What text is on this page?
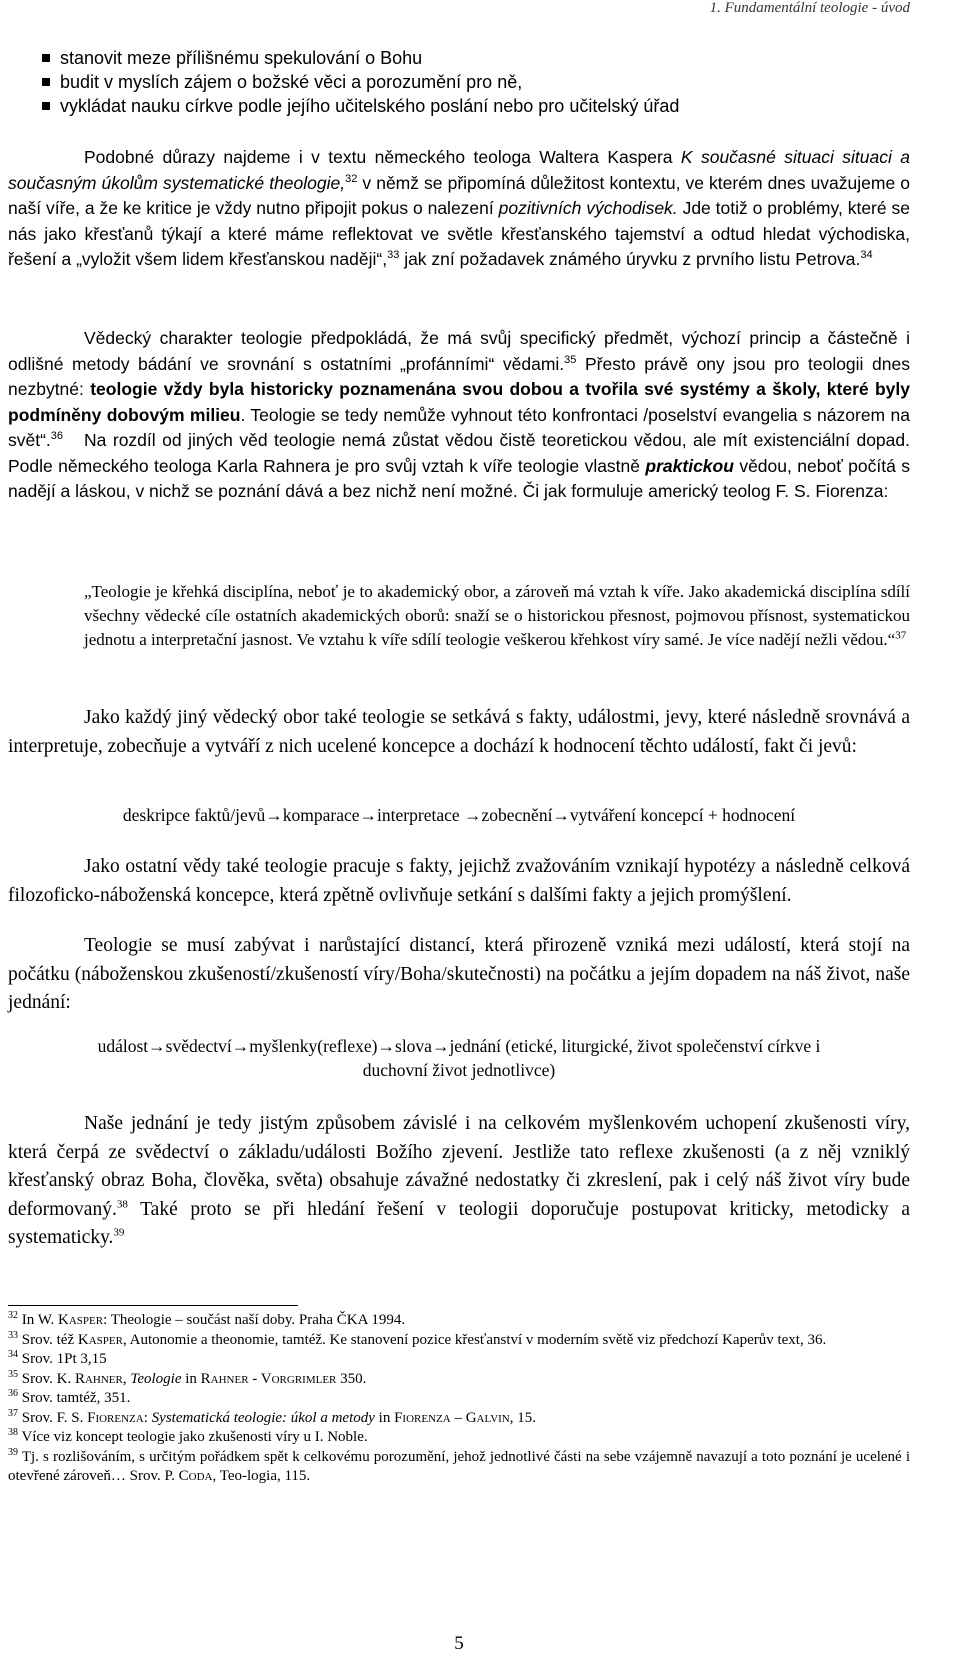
1. Fundamentální teologie - úvod
stanovit meze přílišnému spekulování o Bohu
budit v myslích zájem o božské věci a porozumění pro ně,
vykládat nauku církve podle jejího učitelského poslání nebo pro učitelský úřad

Podobné důrazy najdeme i v textu německého teologa Waltera Kaspera K současné situaci situaci a současným úkolům systematické theologie,$^{32}$ v němž se připomíná důležitost kontextu, ve kterém dnes uvažujeme o naší víře, a že ke kritice je vždy nutno připojit pokus o nalezení pozitivních východisek. Jde totiž o problémy, které se nás jako křesťanů týkají a které máme reflektovat ve světle křesťanského tajemství a odtud hledat východiska, řešení a „vyložit všem lidem křesťanskou naději“,$^{33}$ jak zní požadavek známého úryvku z prvního listu Petrova.$^{34}$

Vědecký charakter teologie předpokládá, že má svůj specifický předmět, výchozí princip a částečně i odlišné metody bádání ve srovnání s ostatními „profánními“ vědami.$^{35}$ Přesto právě ony jsou pro teologii dnes nezbytné: teologie vždy byla historicky poznamenána svou dobou a tvořila své systémy a školy, které byly podmíněny dobovým milieu. Teologie se tedy nemůže vyhnout této konfrontaci /poselství evangelia s názorem na svět“.$^{36}$	Na rozdíl od jiných věd teologie nemá zůstat vědou čistě teoretickou vědou, ale mít existenciální dopad. Podle německého teologa Karla Rahnera je pro svůj vztah k víře teologie vlastně praktickou vědou, neboť počítá s nadějí a láskou, v nichž se poznání dává a bez nichž není možné. Či jak formuluje americký teolog F. S. Fiorenza:

„Teologie je křehká disciplína, neboť je to akademický obor, a zároveň má vztah k víře. Jako akademická disciplína sdílí všechny vědecké cíle ostatních akademických oborů: snaží se o historickou přesnost, pojmovou přísnost, systematickou jednotu a interpretační jasnost. Ve vztahu k víře sdílí teologie veškerou křehkost víry samé. Je více nadějí nežli vědou.“$^{37}$

Jako každý jiný vědecký obor také teologie se setkává s fakty, událostmi, jevy, které následně srovnává a interpretuje, zobecňuje a vytváří z nich ucelené koncepce a dochází k hodnocení těchto událostí, fakt či jevů:

deskripce faktů/jevů→komparace→interpretace →zobecnění→vytváření koncepcí + hodnocení

Jako ostatní vědy také teologie pracuje s fakty, jejichž zvažováním vznikají hypotézy a následně celková filozoficko-náboženská koncepce, která zpětně ovlivňuje setkání s dalšími fakty a jejich promýšlení.

Teologie se musí zabývat i narůstající distancí, která přirozeně vzniká mezi událostí, která stojí na počátku (náboženskou zkušeností/zkušeností víry/Boha/skutečnosti) na počátku a jejím dopadem na náš život, naše jednání:

událost→svědectví→myšlenky(reflexe)→slova→jednání (etické, liturgické, život společenství církve i
duchovní život jednotlivce)

Naše jednání je tedy jistým způsobem závislé i na celkovém myšlenkovém uchopení zkušenosti víry, která čerpá ze svědectví o základu/události Božího zjevení. Jestliže tato reflexe zkušenosti (a z něj vzniklý křesťanský obraz Boha, člověka, světa) obsahuje závažné nedostatky či zkreslení, pak i celý náš život víry bude deformovaný.$^{38}$ Také proto se při hledání řešení v teologii doporučuje postupovat kriticky, metodicky a systematicky.$^{39}$

$^{32}$ In W. Kasper: Theologie – součást naší doby. Praha ČKA 1994.
$^{33}$ Srov. též Kasper, Autonomie a theonomie, tamtéž. Ke stanovení pozice křesťanství v moderním světě viz předchozí Kaperův text, 36.
$^{34}$ Srov. 1Pt 3,15
$^{35}$ Srov. K. Rahner, Teologie in Rahner - Vorgrimler 350.
$^{36}$ Srov. tamtéž, 351.
$^{37}$ Srov. F. S. Fiorenza: Systematická teologie: úkol a metody in Fiorenza – Galvin, 15.
$^{38}$ Více viz koncept teologie jako zkušenosti víry u I. Noble.
$^{39}$ Tj. s rozlišováním, s určitým pořádkem spět k celkovému porozumění, jehož jednotlivé části na sebe vzájemně navazují a toto poznání je ucelené i otevřené zároveň… Srov. P. Coda, Teo-logia, 115.
5
